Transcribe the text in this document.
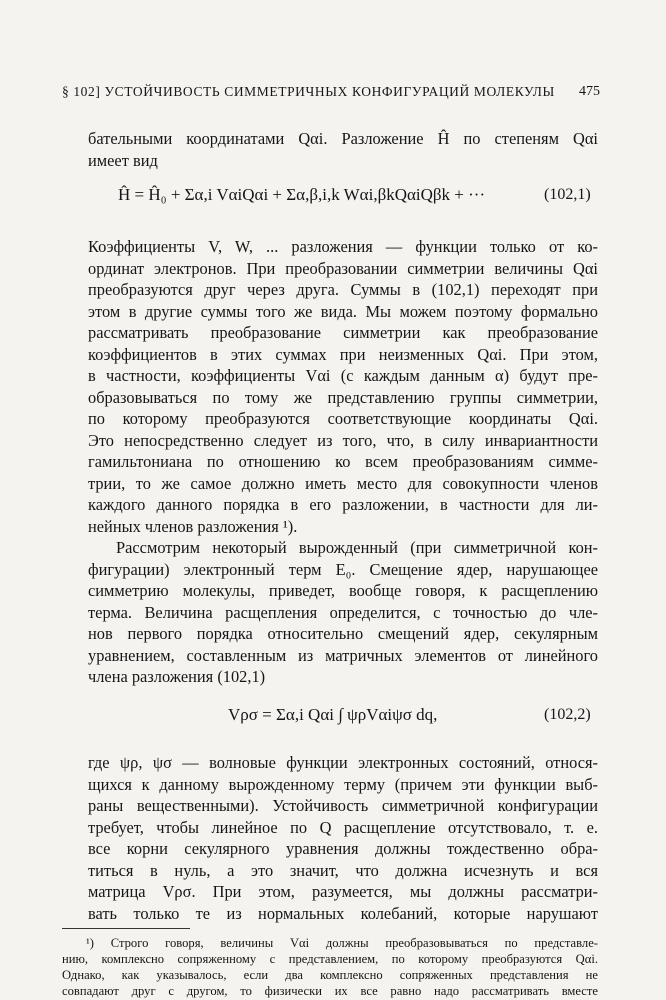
§ 102] УСТОЙЧИВОСТЬ СИММЕТРИЧНЫХ КОНФИГУРАЦИЙ МОЛЕКУЛЫ 475
бательными координатами Qαi. Разложение Ĥ по степеням Qαi
имеет вид
Ĥ = Ĥ₀ + Σα,i VαiQαi + Σα,β,i,k Wαi,βkQαiQβk + ···	(102,1)
Коэффициенты V, W, ... разложения — функции только от ко-
ординат электронов. При преобразовании симметрии величины Qαi
преобразуются друг через друга. Суммы в (102,1) переходят при
этом в другие суммы того же вида. Мы можем поэтому формально
рассматривать преобразование симметрии как преобразование
коэффициентов в этих суммах при неизменных Qαi. При этом,
в частности, коэффициенты Vαi (с каждым данным α) будут пре-
образовываться по тому же представлению группы симметрии,
по которому преобразуются соответствующие координаты Qαi.
Это непосредственно следует из того, что, в силу инвариантности
гамильтониана по отношению ко всем преобразованиям симме-
трии, то же самое должно иметь место для совокупности членов
каждого данного порядка в его разложении, в частности для ли-
нейных членов разложения ¹).
Рассмотрим некоторый вырожденный (при симметричной кон-
фигурации) электронный терм E₀. Смещение ядер, нарушающее
симметрию молекулы, приведет, вообще говоря, к расщеплению
терма. Величина расщепления определится, с точностью до чле-
нов первого порядка относительно смещений ядер, секулярным
уравнением, составленным из матричных элементов от линейного
члена разложения (102,1)
Vρσ = Σα,i Qαi ∫ ψρVαiψσ dq,	(102,2)
где ψρ, ψσ — волновые функции электронных состояний, относя-
щихся к данному вырожденному терму (причем эти функции выб-
раны вещественными). Устойчивость симметричной конфигурации
требует, чтобы линейное по Q расщепление отсутствовало, т. е.
все корни секулярного уравнения должны тождественно обра-
титься в нуль, а это значит, что должна исчезнуть и вся
матрица Vρσ. При этом, разумеется, мы должны рассматри-
вать только те из нормальных колебаний, которые нарушают
¹) Строго говоря, величины Vαi должны преобразовываться по представле-
нию, комплексно сопряженному с представлением, по которому преобразуются Qαi.
Однако, как указывалось, если два комплексно сопряженных представления не
совпадают друг с другом, то физически их все равно надо рассматривать вместе
